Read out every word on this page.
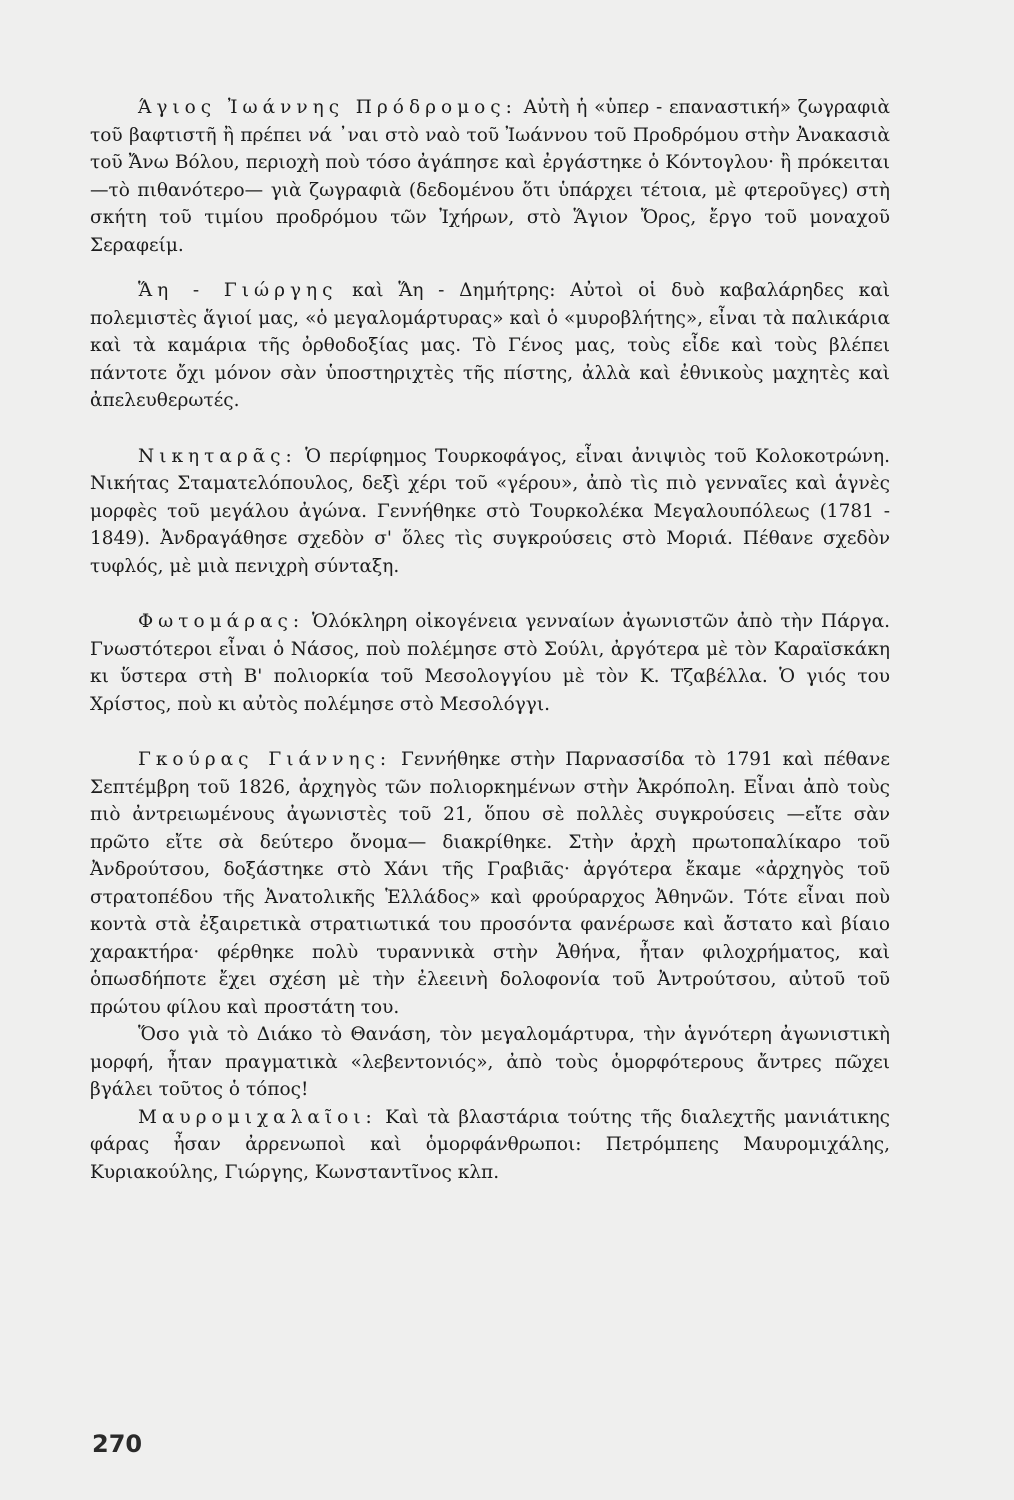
Άγιος Ἰωάννης Πρόδρομος: Αὐτὴ ἡ «ὑπερ - επαναστική» ζωγραφιὰ τοῦ βαφτιστῆ ἢ πρέπει νά ᾿ναι στὸ ναὸ τοῦ Ἰωάννου τοῦ Προδρόμου στὴν Ἀνακασιὰ τοῦ Ἄνω Βόλου, περιοχὴ ποὺ τόσο ἀγάπησε καὶ ἐργάστηκε ὁ Κόντογλου· ἢ πρόκειται —τὸ πιθανότερο— γιὰ ζωγραφιὰ (δεδομένου ὅτι ὑπάρχει τέτοια, μὲ φτεροῦγες) στὴ σκήτη τοῦ τιμίου προδρόμου τῶν Ἰχήρων, στὸ Ἅγιον Ὄρος, ἔργο τοῦ μοναχοῦ Σεραφείμ.

Ἅη - Γιώργης καὶ Ἅη - Δημήτρης: Αὐτοὶ οἱ δυὸ καβαλάρηδες καὶ πολεμιστὲς ἅγιοί μας, «ὁ μεγαλομάρτυρας» καὶ ὁ «μυροβλήτης», εἶναι τὰ παλικάρια καὶ τὰ καμάρια τῆς ὀρθοδοξίας μας. Τὸ Γένος μας, τοὺς εἶδε καὶ τοὺς βλέπει πάντοτε ὄχι μόνον σὰν ὑποστηριχτὲς τῆς πίστης, ἀλλὰ καὶ ἐθνικοὺς μαχητὲς καὶ ἀπελευθερωτές.

Νικηταρᾶς: Ὁ περίφημος Τουρκοφάγος, εἶναι ἀνιψιὸς τοῦ Κολοκοτρώνη. Νικήτας Σταματελόπουλος, δεξὶ χέρι τοῦ «γέρου», ἀπὸ τὶς πιὸ γενναῖες καὶ ἁγνὲς μορφὲς τοῦ μεγάλου ἀγώνα. Γεννήθηκε στὸ Τουρκολέκα Μεγαλουπόλεως (1781 - 1849). Ἀνδραγάθησε σχεδὸν σ' ὅλες τὶς συγκρούσεις στὸ Μοριά. Πέθανε σχεδὸν τυφλός, μὲ μιὰ πενιχρὴ σύνταξη.

Φωτομάρας: Ὁλόκληρη οἰκογένεια γενναίων ἀγωνιστῶν ἀπὸ τὴν Πάργα. Γνωστότεροι εἶναι ὁ Νάσος, ποὺ πολέμησε στὸ Σούλι, ἀργότερα μὲ τὸν Καραϊσκάκη κι ὕστερα στὴ Β' πολιορκία τοῦ Μεσολογγίου μὲ τὸν Κ. Τζαβέλλα. Ὁ γιός του Χρίστος, ποὺ κι αὐτὸς πολέμησε στὸ Μεσολόγγι.

Γκούρας Γιάννης: Γεννήθηκε στὴν Παρνασσίδα τὸ 1791 καὶ πέθανε Σεπτέμβρη τοῦ 1826, ἀρχηγὸς τῶν πολιορκημένων στὴν Ἀκρόπολη. Εἶναι ἀπὸ τοὺς πιὸ ἀντρειωμένους ἀγωνιστὲς τοῦ 21, ὅπου σὲ πολλὲς συγκρούσεις —εἴτε σὰν πρῶτο εἴτε σὰ δεύτερο ὄνομα— διακρίθηκε. Στὴν ἀρχὴ πρωτοπαλίκαρο τοῦ Ἀνδρούτσου, δοξάστηκε στὸ Χάνι τῆς Γραβιᾶς· ἀργότερα ἔκαμε «ἀρχηγὸς τοῦ στρατοπέδου τῆς Ἀνατολικῆς Ἑλλάδος» καὶ φρούραρχος Ἀθηνῶν. Τότε εἶναι ποὺ κοντὰ στὰ ἐξαιρετικὰ στρατιωτικά του προσόντα φανέρωσε καὶ ἄστατο καὶ βίαιο χαρακτήρα· φέρθηκε πολὺ τυραννικὰ στὴν Ἀθήνα, ἦταν φιλοχρήματος, καὶ ὁπωσδήποτε ἔχει σχέση μὲ τὴν ἐλεεινὴ δολοφονία τοῦ Ἀντρούτσου, αὐτοῦ τοῦ πρώτου φίλου καὶ προστάτη του.

Ὅσο γιὰ τὸ Διάκο τὸ Θανάση, τὸν μεγαλομάρτυρα, τὴν ἁγνότερη ἀγωνιστικὴ μορφή, ἦταν πραγματικὰ «λεβεντονιός», ἀπὸ τοὺς ὁμορφότερους ἄντρες πῶχει βγάλει τοῦτος ὁ τόπος!

Μαυρομιχαλαῖοι: Καὶ τὰ βλαστάρια τούτης τῆς διαλεχτῆς μανιάτικης φάρας ἦσαν ἀρρενωποὶ καὶ ὁμορφάνθρωποι: Πετρόμπεης Μαυρομιχάλης, Κυριακούλης, Γιώργης, Κωνσταντῖνος κλπ.

270
